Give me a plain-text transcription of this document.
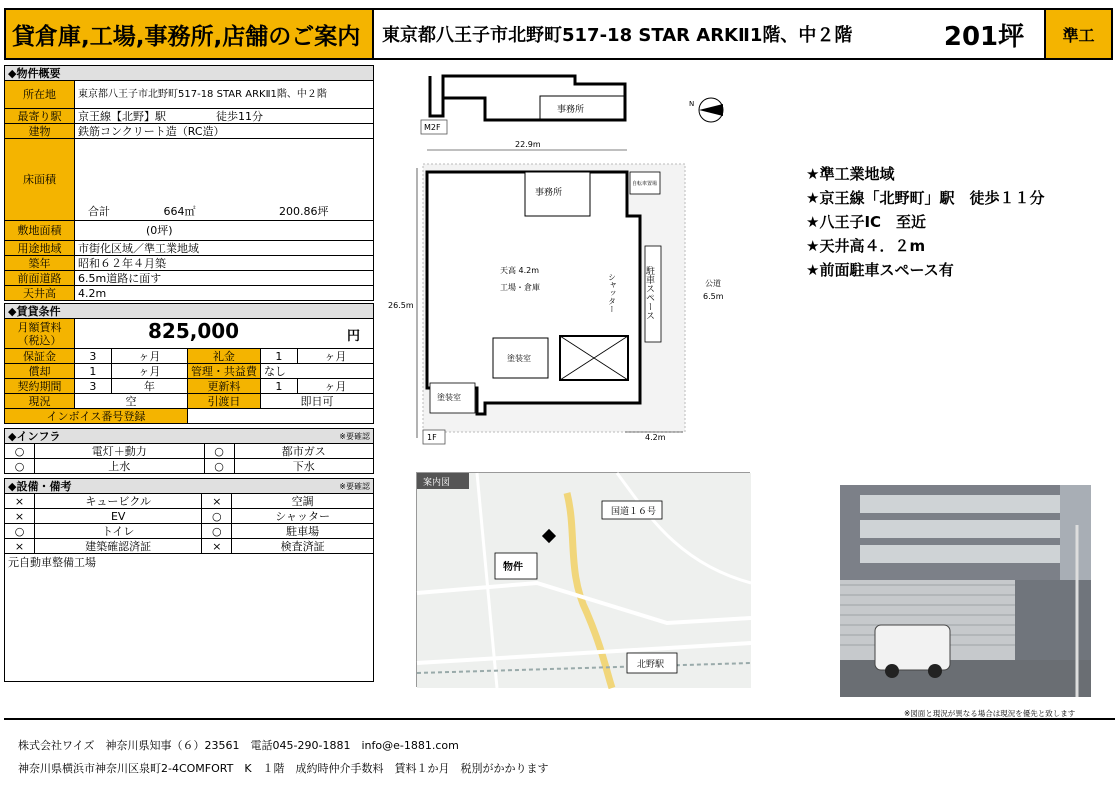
貸倉庫,工場,事務所,店舗のご案内	東京都八王子市北野町517-18 STAR ARKⅡ1階、中２階	201坪	準工
◆物件概要	
所在地	東京都八王子市北野町517-18 STAR ARKⅡ1階、中２階
最寄り駅	京王線【北野】駅 徒歩11分
建物	鉄筋コンクリート造（RC造）
床面積	合計 664㎡ 200.86坪
敷地面積	(0坪)
用途地域	市街化区域／準工業地域
築年	昭和６２年４月築
前面道路	6.5m道路に面す
天井高	4.2m
◆賃貸条件					
月額賃料（税込）	825,000 円				

保証金	3	ヶ月	礼金	1	ヶ月
償却	1	ヶ月	管理・共益費	なし	
契約期間	3	年	更新料	1	ヶ月
現況	空		引渡日	即日可	
インボイス番号登録					
◆インフラ ※要確認			

○	電灯＋動力	○	都市ガス
○	上水	○	下水
◆設備・備考 ※要確認			

×	キュービクル	×	空調
×	EV	○	シャッター
○	トイレ	○	駐車場
×	建築確認済証	×	検査済証
元自動車整備工場			
事務所
M2F
N
22.9m
26.5m
事務所
自転車置場
天高 4.2m
工場・倉庫	シャッター	駐車スペース	公道
6.5m
塗装室
塗装室
4.2m
1F
★準工業地域
★京王線「北野町」駅　徒歩１１分
★八王子IC　至近
★天井高４．２m
★前面駐車スペース有
案内図
国道１６号
物件
北野駅
※図面と現況が異なる場合は現況を優先と致します
株式会社ワイズ　神奈川県知事（６）23561　電話045-290-1881　info@e-1881.com
神奈川県横浜市神奈川区泉町2-4COMFORT　K　１階　成約時仲介手数料　賃料１か月　税別がかかります
